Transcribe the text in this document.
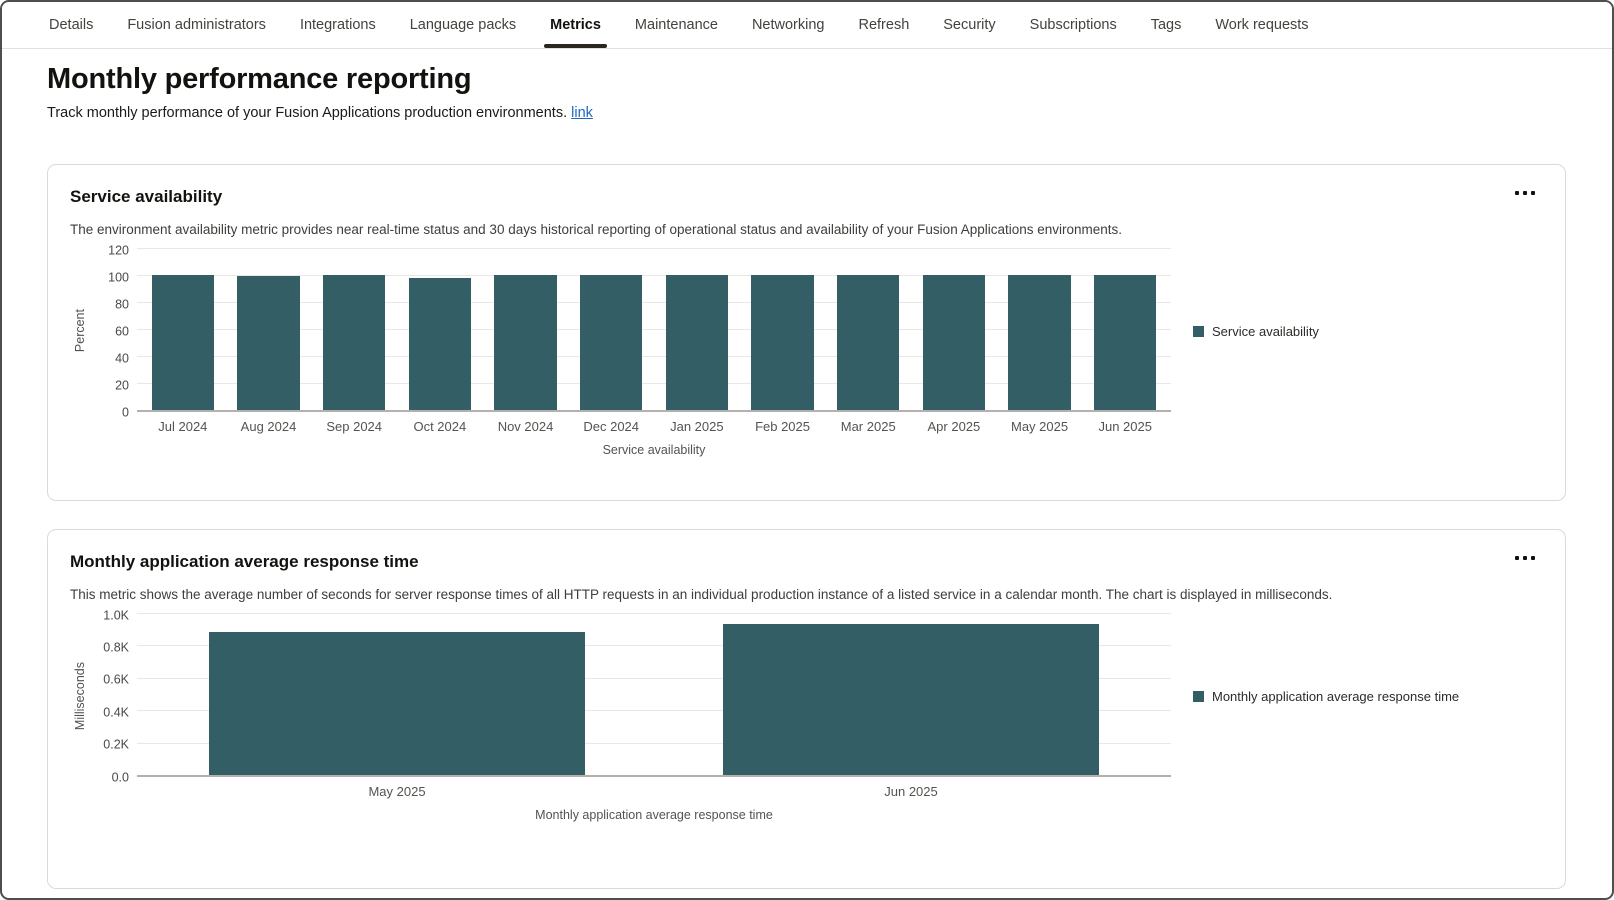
Details	Fusion administrators	Integrations	Language packs	Metrics	Maintenance	Networking	Refresh	Security	Subscriptions	Tags	Work requests
Monthly performance reporting

Track monthly performance of your Fusion Applications production environments. link

Service availability

The environment availability metric provides near real-time status and 30 days historical reporting of operational status and availability of your Fusion Applications environments.

Percent
0
20
40
60
80
100
120
Jul 2024	Aug 2024	Sep 2024	Oct 2024	Nov 2024	Dec 2024	Jan 2025	Feb 2025	Mar 2025	Apr 2025	May 2025	Jun 2025
Service availability
Service availability
Monthly application average response time

This metric shows the average number of seconds for server response times of all HTTP requests in an individual production instance of a listed service in a calendar month. The chart is displayed in milliseconds.

Milliseconds
0.0
0.2K
0.4K
0.6K
0.8K
1.0K
May 2025	Jun 2025
Monthly application average response time
Monthly application average response time
